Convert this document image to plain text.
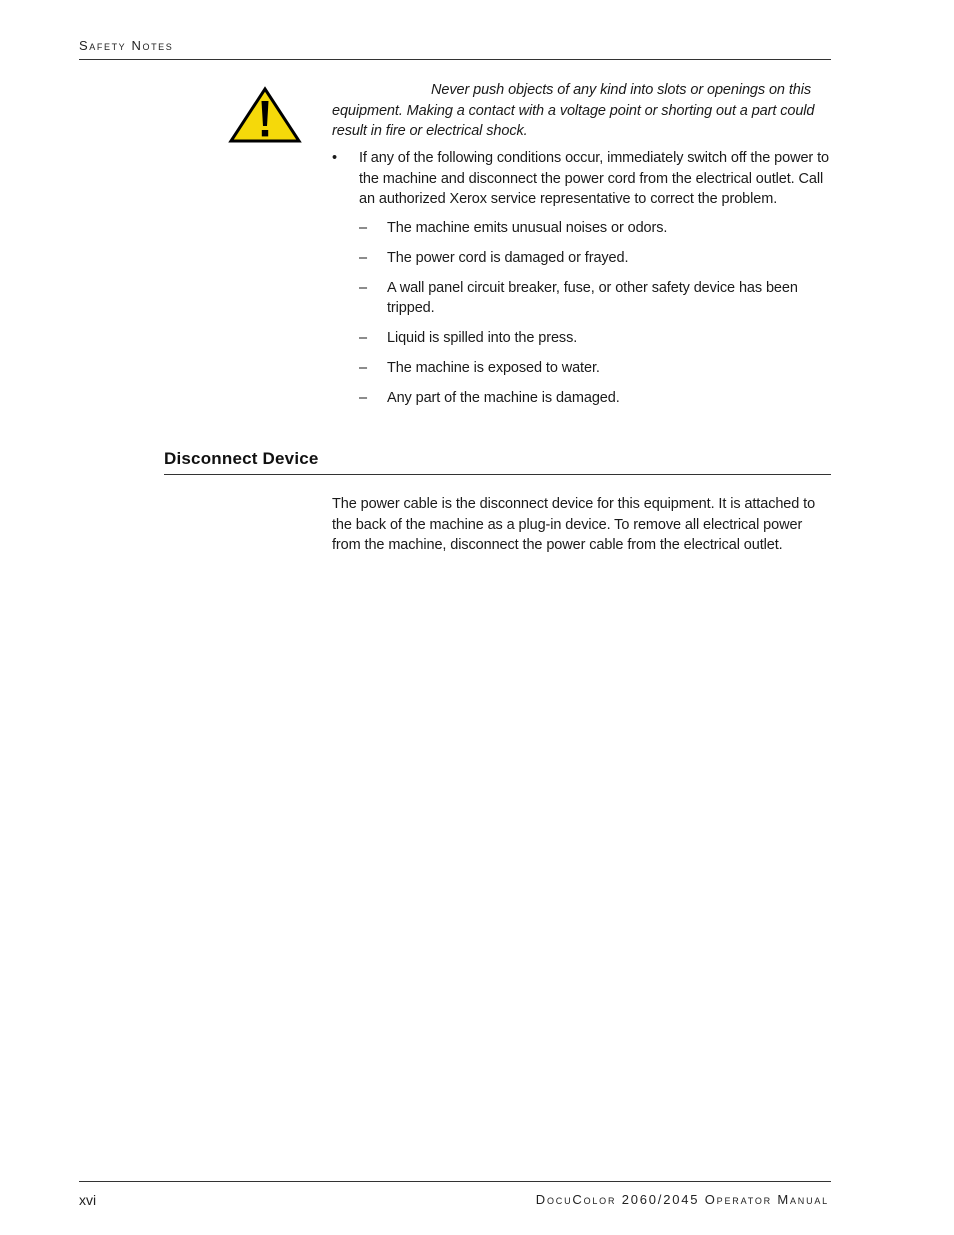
Safety Notes
Never push objects of any kind into slots or openings on this equipment. Making a contact with a voltage point or shorting out a part could result in fire or electrical shock.
• If any of the following conditions occur, immediately switch off the power to the machine and disconnect the power cord from the electrical outlet. Call an authorized Xerox service representative to correct the problem.
– The machine emits unusual noises or odors.
– The power cord is damaged or frayed.
– A wall panel circuit breaker, fuse, or other safety device has been tripped.
– Liquid is spilled into the press.
– The machine is exposed to water.
– Any part of the machine is damaged.
Disconnect Device
The power cable is the disconnect device for this equipment. It is attached to the back of the machine as a plug-in device. To remove all electrical power from the machine, disconnect the power cable from the electrical outlet.
xvi	DocuColor 2060/2045 Operator Manual
